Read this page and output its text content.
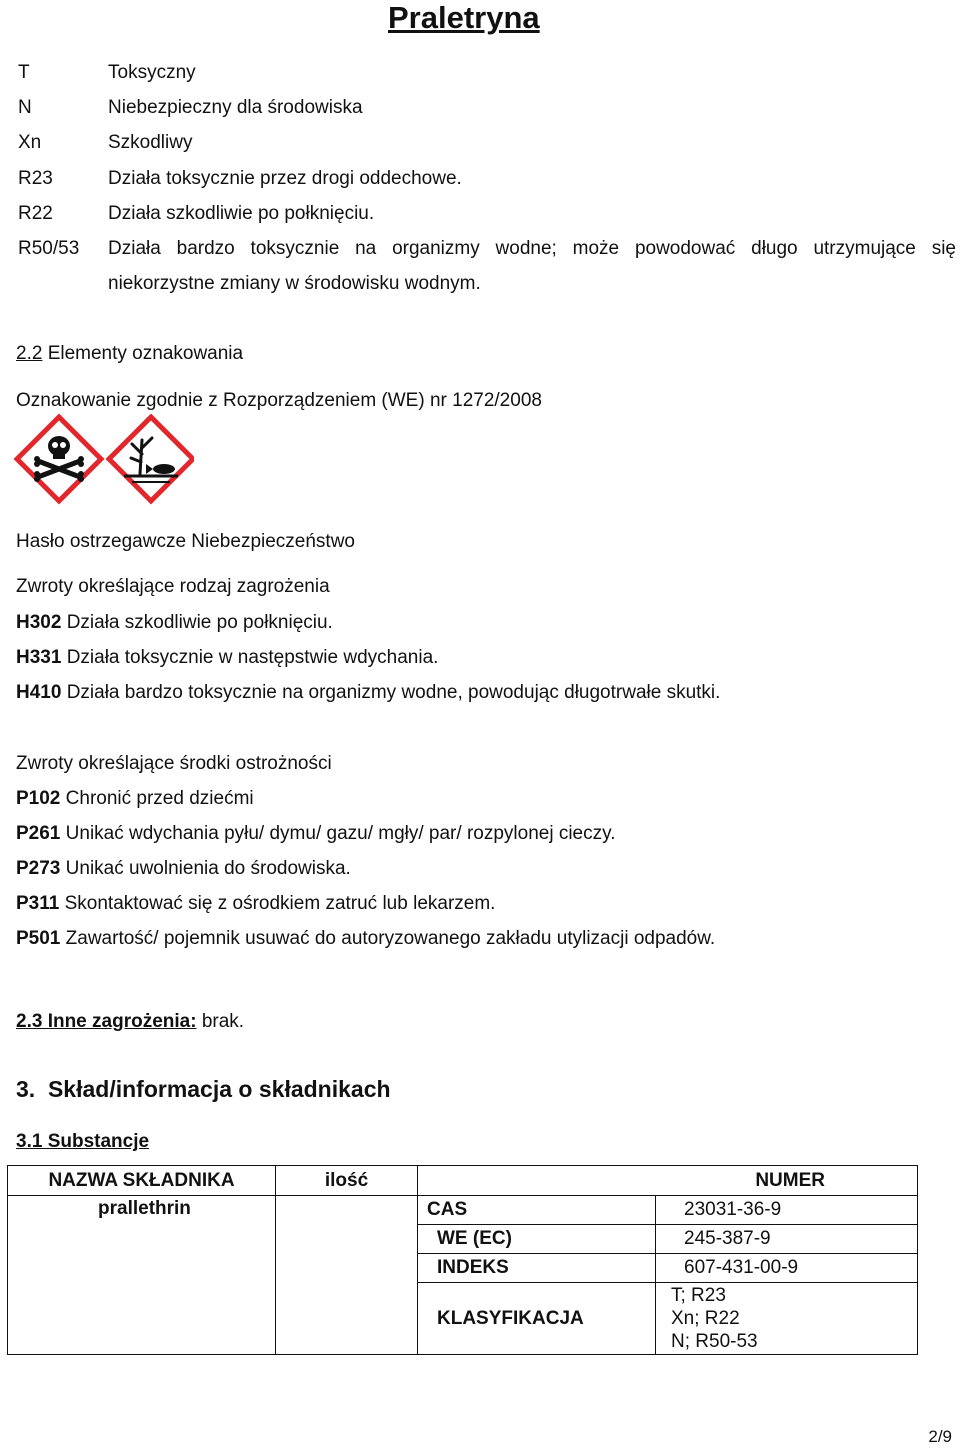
Praletryna
T	Toksyczny
N	Niebezpieczny dla środowiska
Xn	Szkodliwy
R23	Działa toksycznie przez drogi oddechowe.
R22	Działa szkodliwie po połknięciu.
R50/53 Działa bardzo toksycznie na organizmy wodne; może powodować długo utrzymujące się
niekorzystne zmiany w środowisku wodnym.
2.2 Elementy oznakowania
Oznakowanie zgodnie z Rozporządzeniem (WE) nr 1272/2008
Hasło ostrzegawcze Niebezpieczeństwo
Zwroty określające rodzaj zagrożenia
H302 Działa szkodliwie po połknięciu.
H331 Działa toksycznie w następstwie wdychania.
H410 Działa bardzo toksycznie na organizmy wodne, powodując długotrwałe skutki.
Zwroty określające środki ostrożności
P102 Chronić przed dziećmi
P261 Unikać wdychania pyłu/ dymu/ gazu/ mgły/ par/ rozpylonej cieczy.
P273 Unikać uwolnienia do środowiska.
P311 Skontaktować się z ośrodkiem zatruć lub lekarzem.
P501 Zawartość/ pojemnik usuwać do autoryzowanego zakładu utylizacji odpadów.
2.3 Inne zagrożenia: brak.
3.  Skład/informacja o składnikach
3.1 Substancje
NAZWA SKŁADNIKA	ilość	NUMER	
prallethrin		CAS	23031-36-9
		WE (EC)	245-387-9
		INDEKS	607-431-00-9
		KLASYFIKACJA	T; R23
Xn; R22
N; R50-53
2/9
